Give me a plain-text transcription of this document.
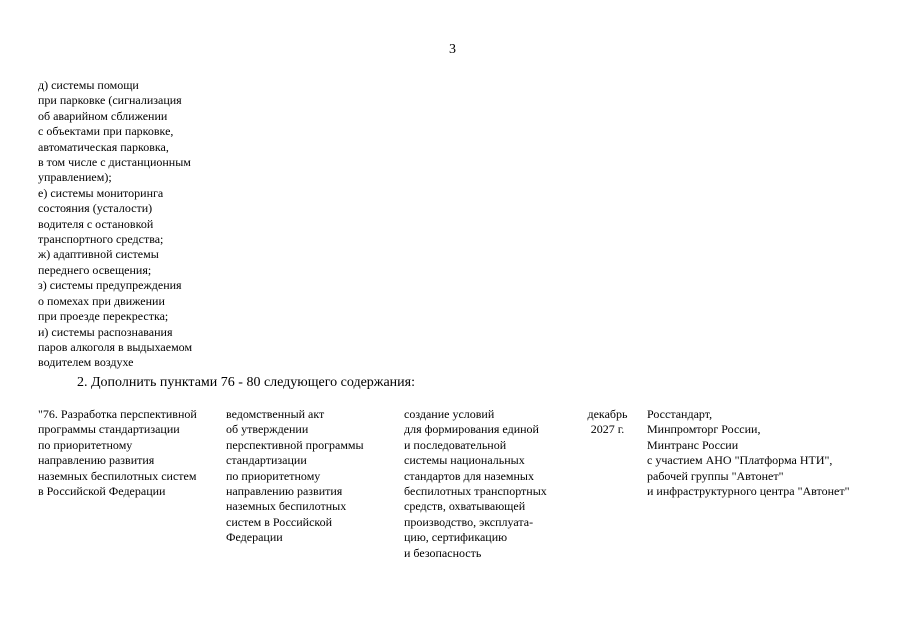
3
д) системы помощи
при парковке (сигнализация
об аварийном сближении
с объектами при парковке,
автоматическая парковка,
в том числе с дистанционным
управлением);
е) системы мониторинга
состояния (усталости)
водителя с остановкой
транспортного средства;
ж) адаптивной системы
переднего освещения;
з) системы предупреждения
о помехах при движении
при проезде перекрестка;
и) системы распознавания
паров алкоголя в выдыхаемом
водителем воздухе
2. Дополнить пунктами 76 - 80 следующего содержания:
"76. Разработка перспективной
программы стандартизации
по приоритетному
направлению развития
наземных беспилотных систем
в Российской Федерации
ведомственный акт
об утверждении
перспективной программы
стандартизации
по приоритетному
направлению развития
наземных беспилотных
систем в Российской
Федерации
создание условий
для формирования единой
и последовательной
системы национальных
стандартов для наземных
беспилотных транспортных
средств, охватывающей
производство, эксплуата-
цию, сертификацию
и безопасность
декабрь
2027 г.
Росстандарт,
Минпромторг России,
Минтранс России
с участием АНО "Платформа НТИ",
рабочей группы "Автонет"
и инфраструктурного центра "Автонет"
